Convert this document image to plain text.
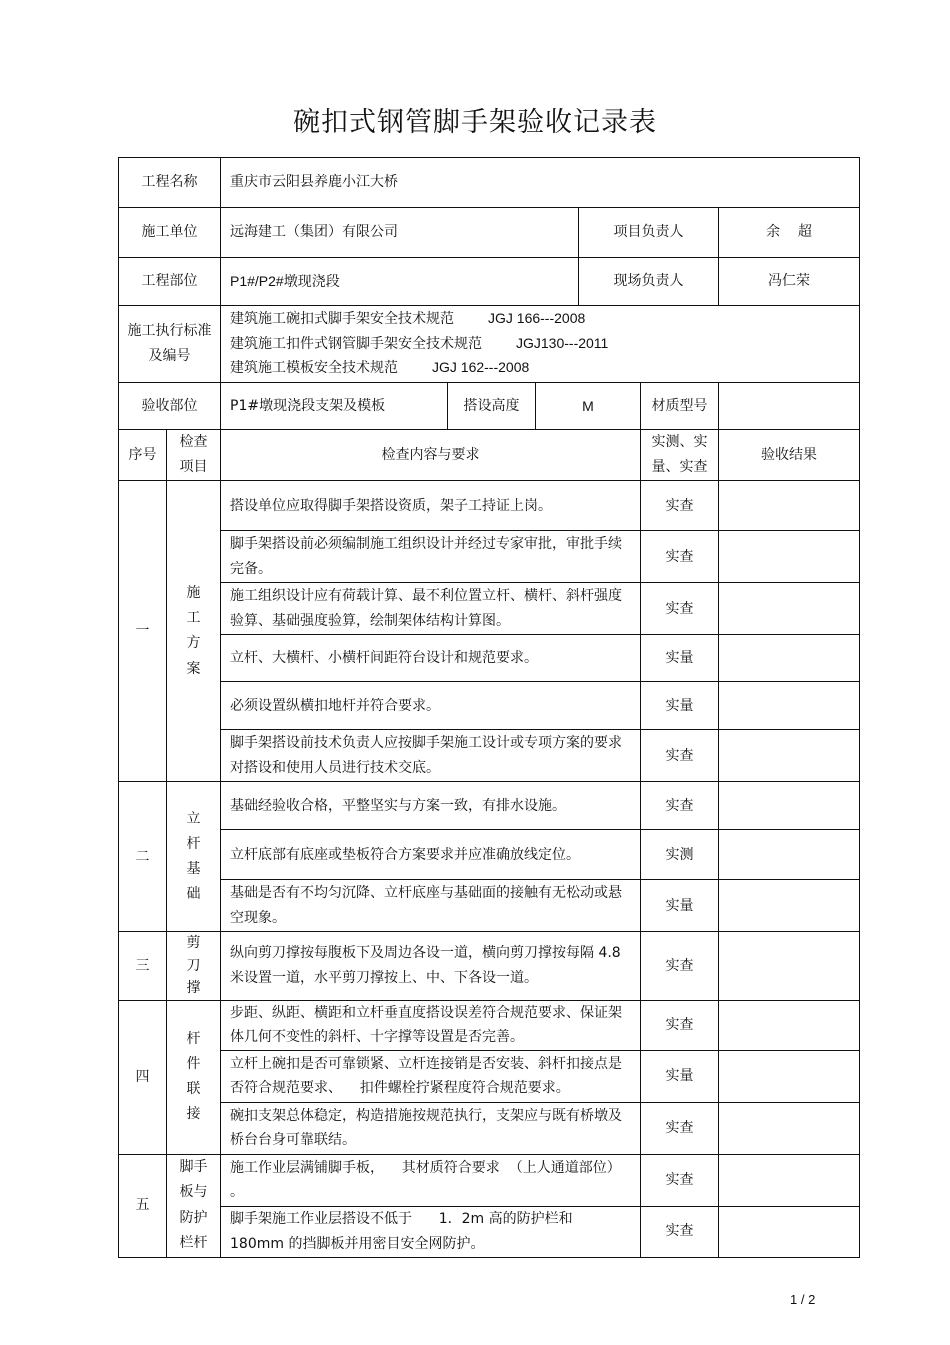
碗扣式钢管脚手架验收记录表
工程名称		重庆市云阳县养鹿小江大桥					
施工单位		远海建工（集团）有限公司			项目负责人		余    超
工程部位		P1#/P2#墩现浇段			现场负责人		冯仁荣
施工执行标准及编号		建筑施工碗扣式脚手架安全技术规范 JGJ 166---2008
建筑施工扣件式钢管脚手架安全技术规范 JGJ130---2011
建筑施工模板安全技术规范 JGJ 162---2008					

验收部位		P1#墩现浇段支架及模板	搭设高度	M		材质型号	
序号	检查项目	检查内容与要求				实测、实量、实查	验收结果
一	施工方案	搭设单位应取得脚手架搭设资质，架子工持证上岗。				实查	
		脚手架搭设前必须编制施工组织设计并经过专家审批，审批手续完备。				实查	
		施工组织设计应有荷载计算、最不利位置立杆、横杆、斜杆强度验算、基础强度验算，绘制架体结构计算图。				实查	
		立杆、大横杆、小横杆间距符台设计和规范要求。				实量	
		必须设置纵横扣地杆并符合要求。				实量	
		脚手架搭设前技术负责人应按脚手架施工设计或专项方案的要求对搭设和使用人员进行技术交底。				实查	
二	立杆基础	基础经验收合格，平整坚实与方案一致，有排水设施。				实查	
		立杆底部有底座或垫板符合方案要求并应准确放线定位。				实测	
		基础是否有不均匀沉降、立杆底座与基础面的接触有无松动或悬空现象。				实量	
三	剪刀撑	纵向剪刀撑按每腹板下及周边各设一道，横向剪刀撑按每隔 4.8 米设置一道，水平剪刀撑按上、中、下各设一道。				实查	
四	杆件联接	步距、纵距、横距和立杆垂直度搭设误差符合规范要求、保证架体几何不变性的斜杆、十字撑等设置是否完善。				实查	
		立杆上碗扣是否可靠锁紧、立杆连接销是否安装、斜杆扣接点是否符合规范要求、    扣件螺栓拧紧程度符合规范要求。				实量	
		碗扣支架总体稳定，构造措施按规范执行，支架应与既有桥墩及桥台台身可靠联结。				实查	
五	脚手板与防护栏杆	施工作业层满铺脚手板，    其材质符合要求  （上人通道部位）  。				实查	
		脚手架施工作业层搭设不低于      1．2m 高的防护栏和    180mm 的挡脚板并用密目安全网防护。				实查	
1 / 2
